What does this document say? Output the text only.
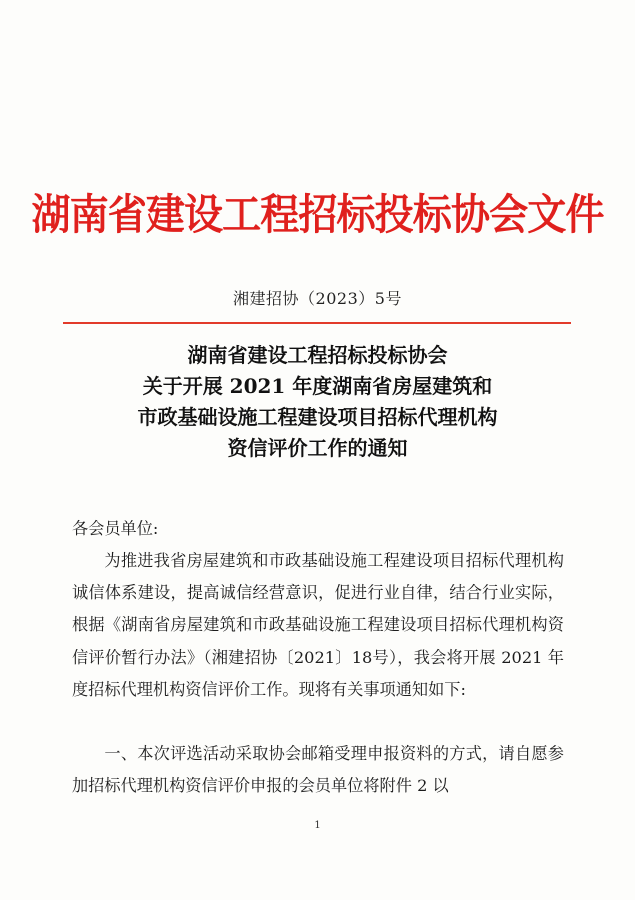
湖南省建设工程招标投标协会文件
湘建招协（2023）5号
湖南省建设工程招标投标协会
关于开展 2021 年度湖南省房屋建筑和
市政基础设施工程建设项目招标代理机构
资信评价工作的通知
各会员单位:

为推进我省房屋建筑和市政基础设施工程建设项目招标代理机构诚信体系建设，提高诚信经营意识，促进行业自律，结合行业实际，根据《湖南省房屋建筑和市政基础设施工程建设项目招标代理机构资信评价暂行办法》（湘建招协〔2021〕18号），我会将开展 2021 年度招标代理机构资信评价工作。现将有关事项通知如下:

一、本次评选活动采取协会邮箱受理申报资料的方式，请自愿参加招标代理机构资信评价申报的会员单位将附件 2 以

1
